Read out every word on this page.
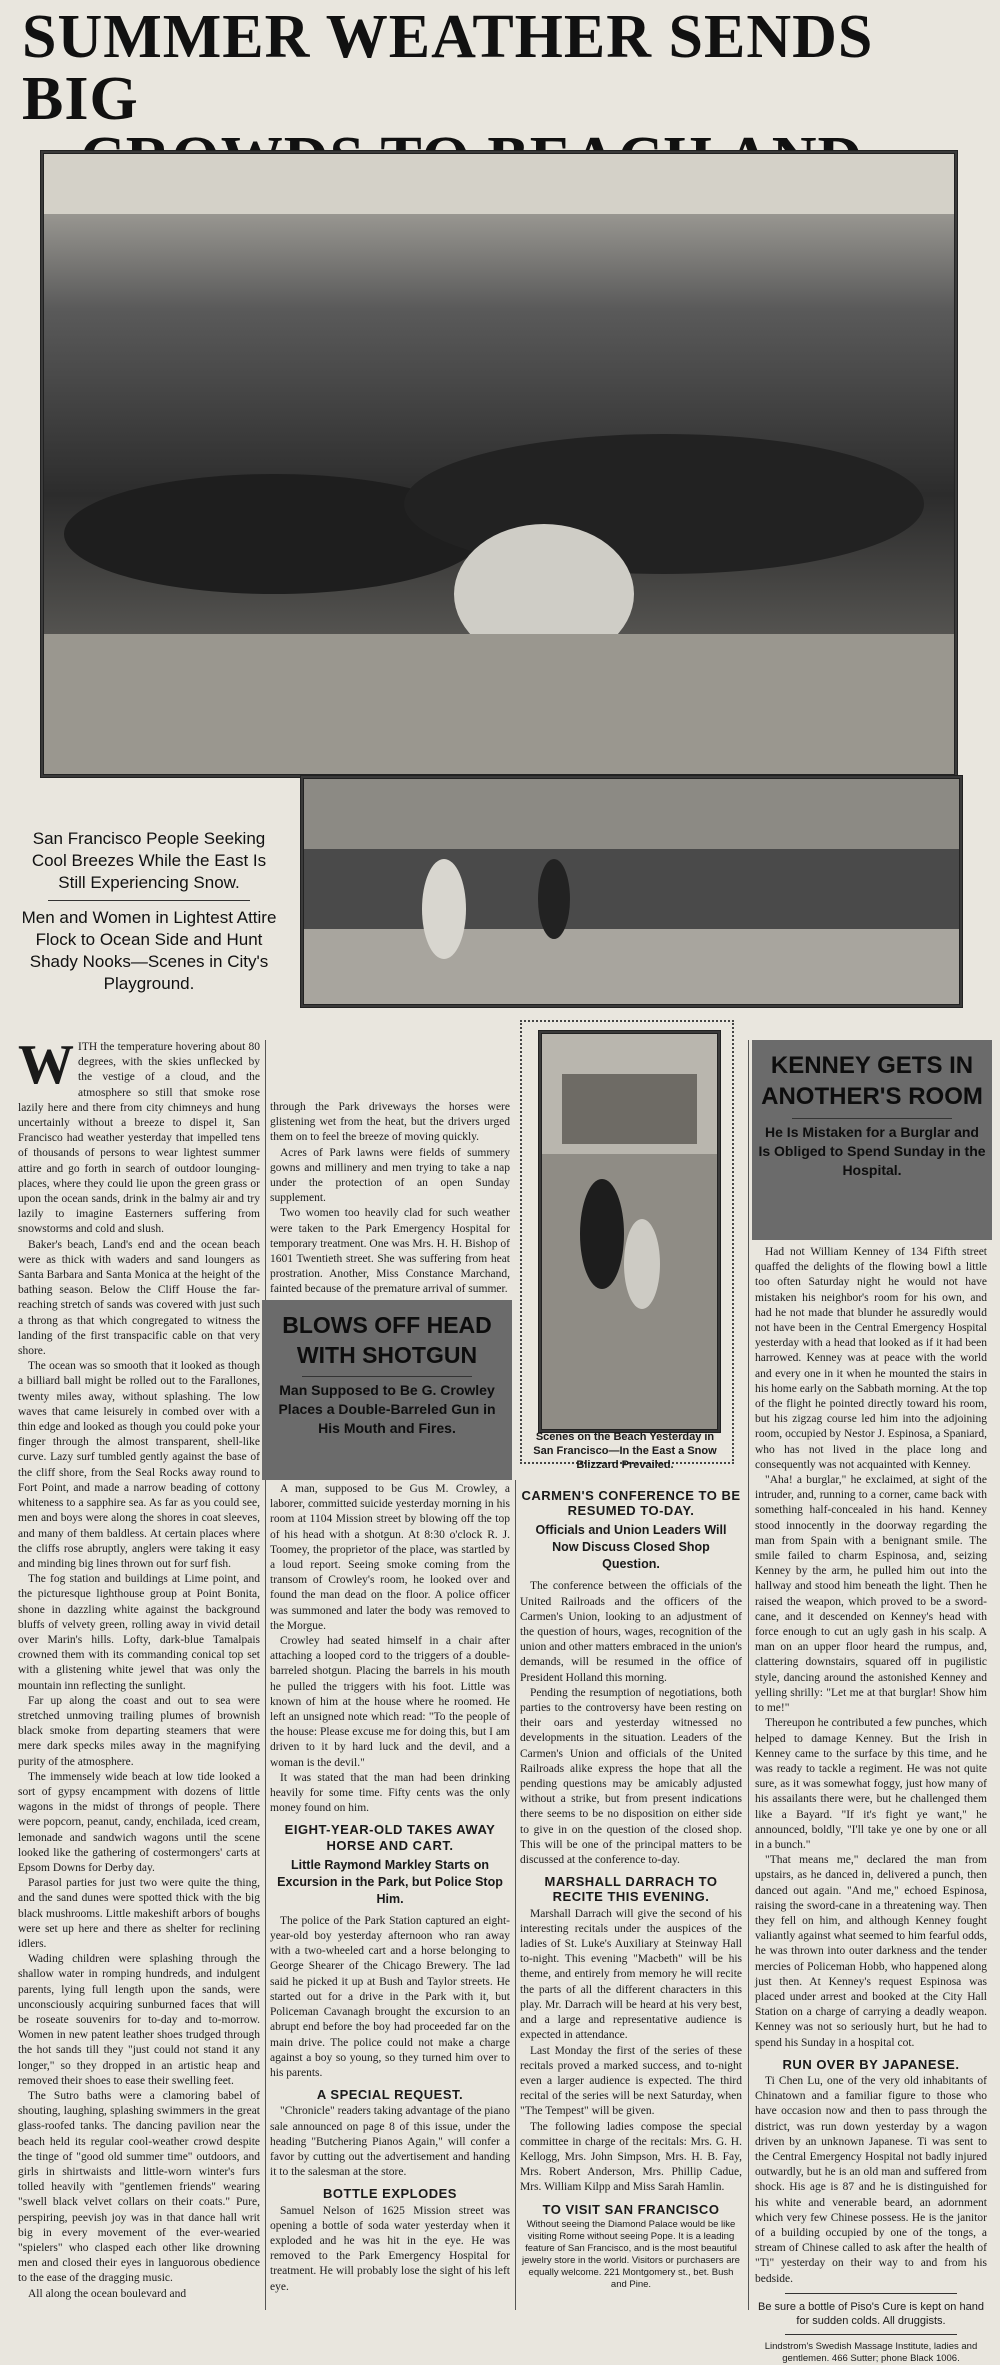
SUMMER WEATHER SENDS BIG
San Francisco People Seeking Cool Breezes While the East Is Still Experiencing Snow.
Men and Women in Lightest Attire Flock to Ocean Side and Hunt Shady Nooks—Scenes in City's Playground.
W ITH the temperature hovering about 80 degrees, with the skies unflecked by the vestige of a cloud, and the atmosphere so still that smoke rose lazily here and there from city chimneys and hung uncertainly without a breeze to dispel it, San Francisco had weather yesterday that impelled tens of thousands of persons to wear lightest summer attire and go forth in search of outdoor lounging-places, where they could lie upon the green grass or upon the ocean sands, drink in the balmy air and try lazily to imagine Easterners suffering from snowstorms and cold and slush.

Baker's beach, Land's end and the ocean beach were as thick with waders and sand loungers as Santa Barbara and Santa Monica at the height of the bathing season. Below the Cliff House the far-reaching stretch of sands was covered with just such a throng as that which congregated to witness the landing of the first transpacific cable on that very shore.

The ocean was so smooth that it looked as though a billiard ball might be rolled out to the Farallones, twenty miles away, without splashing. The low waves that came leisurely in combed over with a thin edge and looked as though you could poke your finger through the almost transparent, shell-like curve. Lazy surf tumbled gently against the base of the cliff shore, from the Seal Rocks away round to Fort Point, and made a narrow beading of cottony whiteness to a sapphire sea. As far as you could see, men and boys were along the shores in coat sleeves, and many of them baldless. At certain places where the cliffs rose abruptly, anglers were taking it easy and minding big lines thrown out for surf fish.

The fog station and buildings at Lime point, and the picturesque lighthouse group at Point Bonita, shone in dazzling white against the background bluffs of velvety green, rolling away in vivid detail over Marin's hills. Lofty, dark-blue Tamalpais crowned them with its commanding conical top set with a glistening white jewel that was only the mountain inn reflecting the sunlight.

Far up along the coast and out to sea were stretched unmoving trailing plumes of brownish black smoke from departing steamers that were mere dark specks miles away in the magnifying purity of the atmosphere.

The immensely wide beach at low tide looked a sort of gypsy encampment with dozens of little wagons in the midst of throngs of people. There were popcorn, peanut, candy, enchilada, iced cream, lemonade and sandwich wagons until the scene looked like the gathering of costermongers' carts at Epsom Downs for Derby day.

Parasol parties for just two were quite the thing, and the sand dunes were spotted thick with the big black mushrooms. Little makeshift arbors of boughs were set up here and there as shelter for reclining idlers.

Wading children were splashing through the shallow water in romping hundreds, and indulgent parents, lying full length upon the sands, were unconsciously acquiring sunburned faces that will be roseate souvenirs for to-day and to-morrow. Women in new patent leather shoes trudged through the hot sands till they "just could not stand it any longer," so they dropped in an artistic heap and removed their shoes to ease their swelling feet.

The Sutro baths were a clamoring babel of shouting, laughing, splashing swimmers in the great glass-roofed tanks. The dancing pavilion near the beach held its regular cool-weather crowd despite the tinge of "good old summer time" outdoors, and girls in shirtwaists and little-worn winter's furs tolled heavily with "gentlemen friends" wearing "swell black velvet collars on their coats." Pure, perspiring, peevish joy was in that dance hall writ big in every movement of the ever-wearied "spielers" who clasped each other like drowning men and closed their eyes in languorous obedience to the ease of the dragging music.

All along the ocean boulevard and

through the Park driveways the horses were glistening wet from the heat, but the drivers urged them on to feel the breeze of moving quickly.

Acres of Park lawns were fields of summery gowns and millinery and men trying to take a nap under the protection of an open Sunday supplement.

Two women too heavily clad for such weather were taken to the Park Emergency Hospital for temporary treatment. One was Mrs. H. H. Bishop of 1601 Twentieth street. She was suffering from heat prostration. Another, Miss Constance Marchand, fainted because of the premature arrival of summer.

Scenes on the Beach Yesterday in San Francisco—In the East a Snow Blizzard Prevailed.
BLOWS OFF HEAD WITH SHOTGUN
Man Supposed to Be G. Crowley Places a Double-Barreled Gun in His Mouth and Fires.

A man, supposed to be Gus M. Crowley, a laborer, committed suicide yesterday morning in his room at 1104 Mission street by blowing off the top of his head with a shotgun. At 8:30 o'clock R. J. Toomey, the proprietor of the place, was startled by a loud report. Seeing smoke coming from the transom of Crowley's room, he looked over and found the man dead on the floor. A police officer was summoned and later the body was removed to the Morgue.

Crowley had seated himself in a chair after attaching a looped cord to the triggers of a double-barreled shotgun. Placing the barrels in his mouth he pulled the triggers with his foot. Little was known of him at the house where he roomed. He left an unsigned note which read: "To the people of the house: Please excuse me for doing this, but I am driven to it by hard luck and the devil, and a woman is the devil."

It was stated that the man had been drinking heavily for some time. Fifty cents was the only money found on him.

EIGHT-YEAR-OLD TAKES AWAY HORSE AND CART.
Little Raymond Markley Starts on Excursion in the Park, but Police Stop Him.

The police of the Park Station captured an eight-year-old boy yesterday afternoon who ran away with a two-wheeled cart and a horse belonging to George Shearer of the Chicago Brewery. The lad said he picked it up at Bush and Taylor streets. He started out for a drive in the Park with it, but Policeman Cavanagh brought the excursion to an abrupt end before the boy had proceeded far on the main drive. The police could not make a charge against a boy so young, so they turned him over to his parents.

A SPECIAL REQUEST.

"Chronicle" readers taking advantage of the piano sale announced on page 8 of this issue, under the heading "Butchering Pianos Again," will confer a favor by cutting out the advertisement and handing it to the salesman at the store.

BOTTLE EXPLODES

Samuel Nelson of 1625 Mission street was opening a bottle of soda water yesterday when it exploded and he was hit in the eye. He was removed to the Park Emergency Hospital for treatment. He will probably lose the sight of his left eye.

CARMEN'S CONFERENCE TO BE RESUMED TO-DAY.
Officials and Union Leaders Will Now Discuss Closed Shop Question.

The conference between the officials of the United Railroads and the officers of the Carmen's Union, looking to an adjustment of the question of hours, wages, recognition of the union and other matters embraced in the union's demands, will be resumed in the office of President Holland this morning.

Pending the resumption of negotiations, both parties to the controversy have been resting on their oars and yesterday witnessed no developments in the situation. Leaders of the Carmen's Union and officials of the United Railroads alike express the hope that all the pending questions may be amicably adjusted without a strike, but from present indications there seems to be no disposition on either side to give in on the question of the closed shop. This will be one of the principal matters to be discussed at the conference to-day.

MARSHALL DARRACH TO RECITE THIS EVENING.

Marshall Darrach will give the second of his interesting recitals under the auspices of the ladies of St. Luke's Auxiliary at Steinway Hall to-night. This evening "Macbeth" will be his theme, and entirely from memory he will recite the parts of all the different characters in this play. Mr. Darrach will be heard at his very best, and a large and representative audience is expected in attendance.

Last Monday the first of the series of these recitals proved a marked success, and to-night even a larger audience is expected. The third recital of the series will be next Saturday, when "The Tempest" will be given.

The following ladies compose the special committee in charge of the recitals: Mrs. G. H. Kellogg, Mrs. John Simpson, Mrs. H. B. Fay, Mrs. Robert Anderson, Mrs. Phillip Cadue, Mrs. William Kilpp and Miss Sarah Hamlin.

TO VISIT SAN FRANCISCO
Without seeing the Diamond Palace would be like visiting Rome without seeing Pope. It is a leading feature of San Francisco, and is the most beautiful jewelry store in the world. Visitors or purchasers are equally welcome. 221 Montgomery st., bet. Bush and Pine.
KENNEY GETS IN ANOTHER'S ROOM
He Is Mistaken for a Burglar and Is Obliged to Spend Sunday in the Hospital.

Had not William Kenney of 134 Fifth street quaffed the delights of the flowing bowl a little too often Saturday night he would not have mistaken his neighbor's room for his own, and had he not made that blunder he assuredly would not have been in the Central Emergency Hospital yesterday with a head that looked as if it had been harrowed. Kenney was at peace with the world and every one in it when he mounted the stairs in his home early on the Sabbath morning. At the top of the flight he pointed directly toward his room, but his zigzag course led him into the adjoining room, occupied by Nestor J. Espinosa, a Spaniard, who has not lived in the place long and consequently was not acquainted with Kenney.

"Aha! a burglar," he exclaimed, at sight of the intruder, and, running to a corner, came back with something half-concealed in his hand. Kenney stood innocently in the doorway regarding the man from Spain with a benignant smile. The smile failed to charm Espinosa, and, seizing Kenney by the arm, he pulled him out into the hallway and stood him beneath the light. Then he raised the weapon, which proved to be a sword-cane, and it descended on Kenney's head with force enough to cut an ugly gash in his scalp. A man on an upper floor heard the rumpus, and, clattering downstairs, squared off in pugilistic style, dancing around the astonished Kenney and yelling shrilly: "Let me at that burglar! Show him to me!"

Thereupon he contributed a few punches, which helped to damage Kenney. But the Irish in Kenney came to the surface by this time, and he was ready to tackle a regiment. He was not quite sure, as it was somewhat foggy, just how many of his assailants there were, but he challenged them like a Bayard. "If it's fight ye want," he announced, boldly, "I'll take ye one by one or all in a bunch."

"That means me," declared the man from upstairs, as he danced in, delivered a punch, then danced out again. "And me," echoed Espinosa, raising the sword-cane in a threatening way. Then they fell on him, and although Kenney fought valiantly against what seemed to him fearful odds, he was thrown into outer darkness and the tender mercies of Policeman Hobb, who happened along just then. At Kenney's request Espinosa was placed under arrest and booked at the City Hall Station on a charge of carrying a deadly weapon. Kenney was not so seriously hurt, but he had to spend his Sunday in a hospital cot.

RUN OVER BY JAPANESE.

Ti Chen Lu, one of the very old inhabitants of Chinatown and a familiar figure to those who have occasion now and then to pass through the district, was run down yesterday by a wagon driven by an unknown Japanese. Ti was sent to the Central Emergency Hospital not badly injured outwardly, but he is an old man and suffered from shock. His age is 87 and he is distinguished for his white and venerable beard, an adornment which very few Chinese possess. He is the janitor of a building occupied by one of the tongs, a stream of Chinese called to ask after the health of "Ti" yesterday on their way to and from his bedside.

Be sure a bottle of Piso's Cure is kept on hand for sudden colds. All druggists.
Lindstrom's Swedish Massage Institute, ladies and gentlemen. 466 Sutter; phone Black 1006.
